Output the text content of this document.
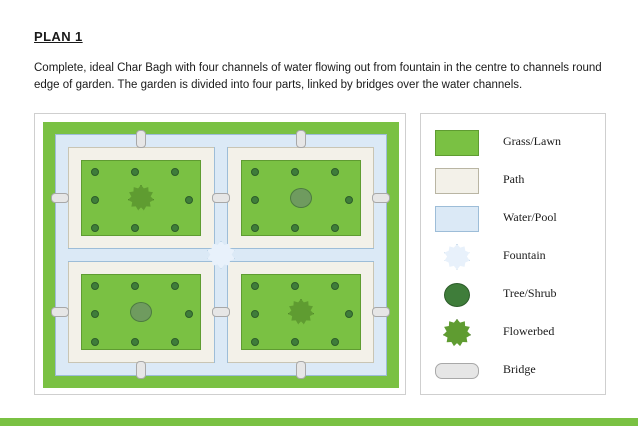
PLAN 1
Complete, ideal Char Bagh with four channels of water flowing out from fountain in the centre to channels round edge of garden. The garden is divided into four parts, linked by bridges over the water channels.
Grass/Lawn
Path
Water/Pool
Fountain
Tree/Shrub
Flowerbed
Bridge
